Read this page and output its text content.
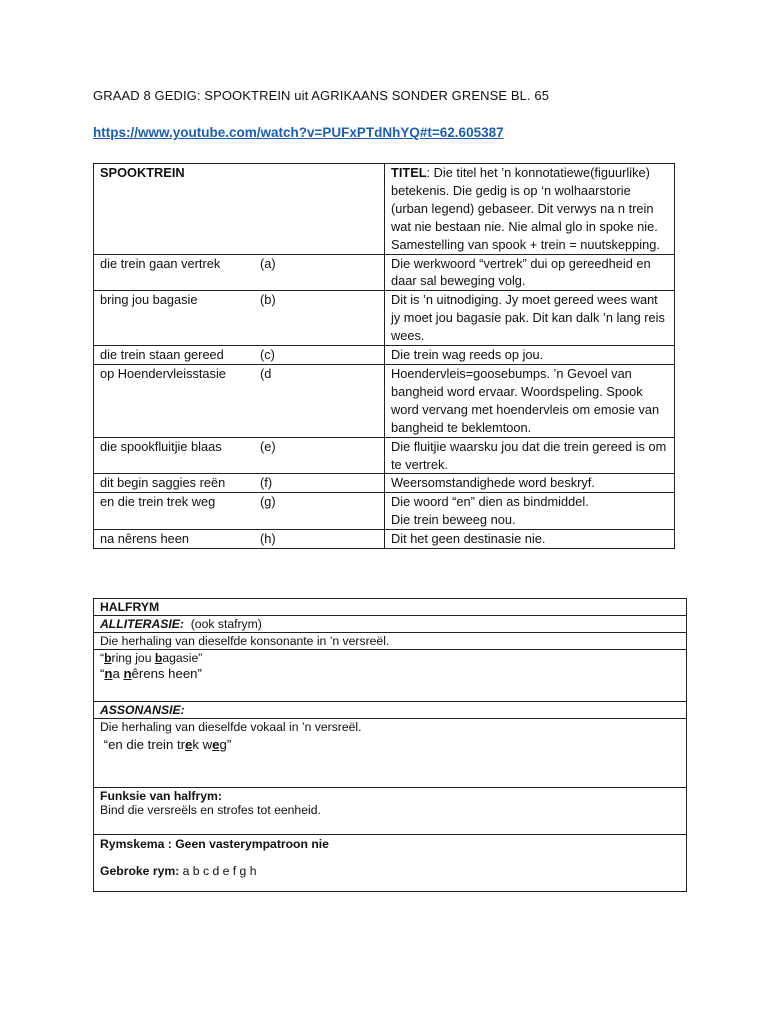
GRAAD 8 GEDIG: SPOOKTREIN uit AGRIKAANS SONDER GRENSE BL. 65
https://www.youtube.com/watch?v=PUFxPTdNhYQ#t=62.605387
SPOOKTREIN	TITEL: Die titel het ’n konnotatiewe(figuurlike) betekenis. Die gedig is op ‘n wolhaarstorie (urban legend) gebaseer. Dit verwys na n trein wat nie bestaan nie. Nie almal glo in spoke nie. Samestelling van spook + trein = nuutskepping.

die trein gaan vertrek (a)	Die werkwoord “vertrek” dui op gereedheid en daar sal beweging volg.

bring jou bagasie (b)	Dit is ’n uitnodiging. Jy moet gereed wees want jy moet jou bagasie pak. Dit kan dalk ’n lang reis wees.

die trein staan gereed (c)	Die trein wag reeds op jou.

op Hoendervleisstasie (d	Hoendervleis=goosebumps. ’n Gevoel van bangheid word ervaar. Woordspeling. Spook word vervang met hoendervleis om emosie van bangheid te beklemtoon.

die spookfluitjie blaas (e)	Die fluitjie waarsku jou dat die trein gereed is om te vertrek.

dit begin saggies reën (f)	Weersomstandighede word beskryf.

en die trein trek weg (g)	Die woord “en” dien as bindmiddel.
Die trein beweeg nou.

na nêrens heen (h)	Dit het geen destinasie nie.
HALFRYM
ALLITERASIE: (ook stafrym)
Die herhaling van dieselfde konsonante in ’n versreël.

“bring jou bagasie”
“na nêrens heen”

ASSONANSIE:

Die herhaling van dieselfde vokaal in ’n versreël.
“en die trein trek weg”

Funksie van halfrym:
Bind die versreëls en strofes tot eenheid.

Rymskema : Geen vasterympatroon nie
Gebroke rym: a b c d e f g h
